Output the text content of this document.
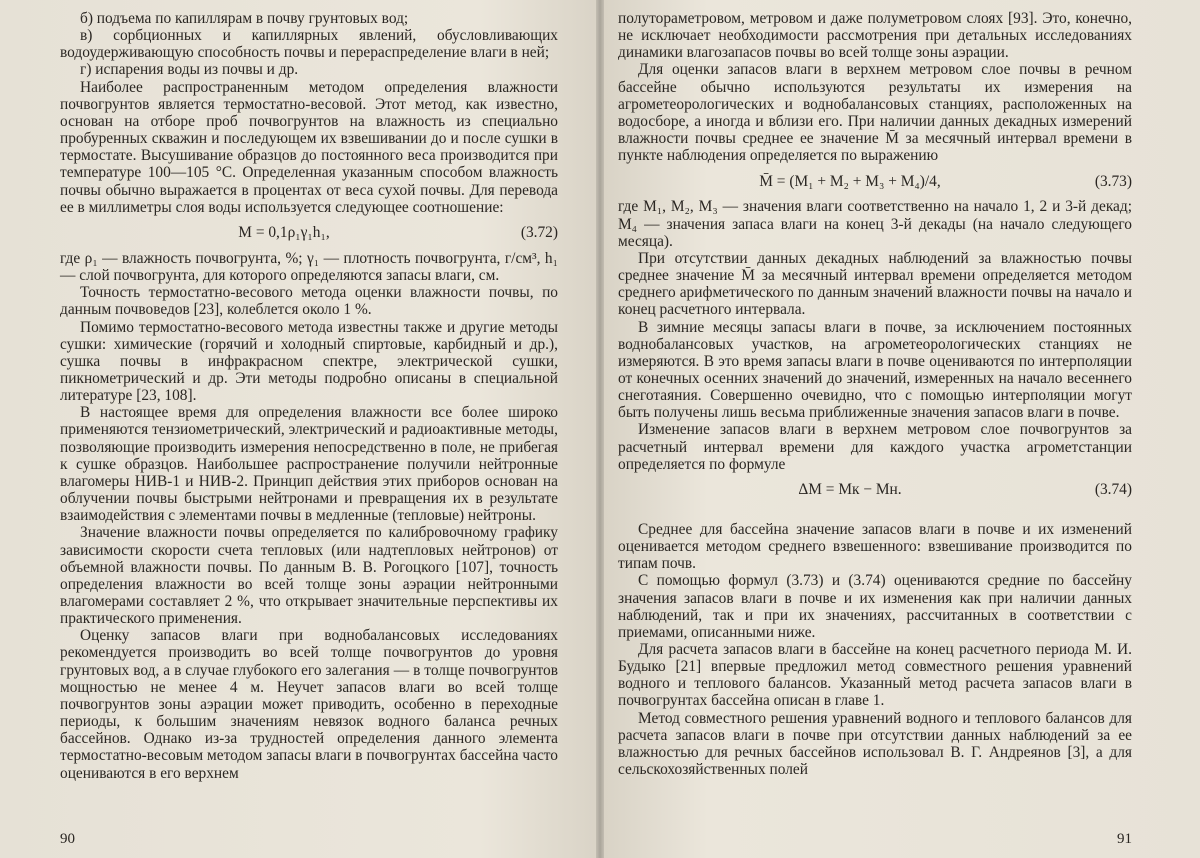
б) подъема по капиллярам в почву грунтовых вод;

в) сорбционных и капиллярных явлений, обусловливающих водоудерживающую способность почвы и перераспределение влаги в ней;

г) испарения воды из почвы и др.

Наиболее распространенным методом определения влажности почвогрунтов является термостатно-весовой. Этот метод, как известно, основан на отборе проб почвогрунтов на влажность из специально пробуренных скважин и последующем их взвешивании до и после сушки в термостате. Высушивание образцов до постоянного веса производится при температуре 100—105 °С. Определенная указанным способом влажность почвы обычно выражается в процентах от веса сухой почвы. Для перевода ее в миллиметры слоя воды используется следующее соотношение:

M = 0,1ρ₁γ₁h₁,	(3.72)

где ρ₁ — влажность почвогрунта, %; γ₁ — плотность почвогрунта, г/см³, h₁ — слой почвогрунта, для которого определяются запасы влаги, см.

Точность термостатно-весового метода оценки влажности почвы, по данным почвоведов [23], колеблется около 1 %.

Помимо термостатно-весового метода известны также и другие методы сушки: химические (горячий и холодный спиртовые, карбидный и др.), сушка почвы в инфракрасном спектре, электрической сушки, пикнометрический и др. Эти методы подробно описаны в специальной литературе [23, 108].

В настоящее время для определения влажности все более широко применяются тензиометрический, электрический и радиоактивные методы, позволяющие производить измерения непосредственно в поле, не прибегая к сушке образцов. Наибольшее распространение получили нейтронные влагомеры НИВ-1 и НИВ-2. Принцип действия этих приборов основан на облучении почвы быстрыми нейтронами и превращения их в результате взаимодействия с элементами почвы в медленные (тепловые) нейтроны.

Значение влажности почвы определяется по калибровочному графику зависимости скорости счета тепловых (или надтепловых нейтронов) от объемной влажности почвы. По данным В. В. Рогоцкого [107], точность определения влажности во всей толще зоны аэрации нейтронными влагомерами составляет 2 %, что открывает значительные перспективы их практического применения.

Оценку запасов влаги при воднобалансовых исследованиях рекомендуется производить во всей толще почвогрунтов до уровня грунтовых вод, а в случае глубокого его залегания — в толще почвогрунтов мощностью не менее 4 м. Неучет запасов влаги во всей толще почвогрунтов зоны аэрации может приводить, особенно в переходные периоды, к большим значениям невязок водного баланса речных бассейнов. Однако из-за трудностей определения данного элемента термостатно-весовым методом запасы влаги в почвогрунтах бассейна часто оцениваются в его верхнем

90

полутораметровом, метровом и даже полуметровом слоях [93]. Это, конечно, не исключает необходимости рассмотрения при детальных исследованиях динамики влагозапасов почвы во всей толще зоны аэрации.

Для оценки запасов влаги в верхнем метровом слое почвы в речном бассейне обычно используются результаты их измерения на агрометеорологических и воднобалансовых станциях, расположенных на водосборе, а иногда и вблизи его. При наличии данных декадных измерений влажности почвы среднее ее значение M̄ за месячный интервал времени в пункте наблюдения определяется по выражению

M̄ = (M₁ + M₂ + M₃ + M₄)/4,	(3.73)

где M₁, M₂, M₃ — значения влаги соответственно на начало 1, 2 и 3-й декад; M₄ — значения запаса влаги на конец 3-й декады (на начало следующего месяца).

При отсутствии данных декадных наблюдений за влажностью почвы среднее значение M̄ за месячный интервал времени определяется методом среднего арифметического по данным значений влажности почвы на начало и конец расчетного интервала.

В зимние месяцы запасы влаги в почве, за исключением постоянных воднобалансовых участков, на агрометеорологических станциях не измеряются. В это время запасы влаги в почве оцениваются по интерполяции от конечных осенних значений до значений, измеренных на начало весеннего снеготаяния. Совершенно очевидно, что с помощью интерполяции могут быть получены лишь весьма приближенные значения запасов влаги в почве.

Изменение запасов влаги в верхнем метровом слое почвогрунтов за расчетный интервал времени для каждого участка агрометстанции определяется по формуле

ΔM = Mк − Mн.	(3.74)

Среднее для бассейна значение запасов влаги в почве и их изменений оценивается методом среднего взвешенного: взвешивание производится по типам почв.

С помощью формул (3.73) и (3.74) оцениваются средние по бассейну значения запасов влаги в почве и их изменения как при наличии данных наблюдений, так и при их значениях, рассчитанных в соответствии с приемами, описанными ниже.

Для расчета запасов влаги в бассейне на конец расчетного периода М. И. Будыко [21] впервые предложил метод совместного решения уравнений водного и теплового балансов. Указанный метод расчета запасов влаги в почвогрунтах бассейна описан в главе 1.

Метод совместного решения уравнений водного и теплового балансов для расчета запасов влаги в почве при отсутствии данных наблюдений за ее влажностью для речных бассейнов использовал В. Г. Андреянов [3], а для сельскохозяйственных полей

91
